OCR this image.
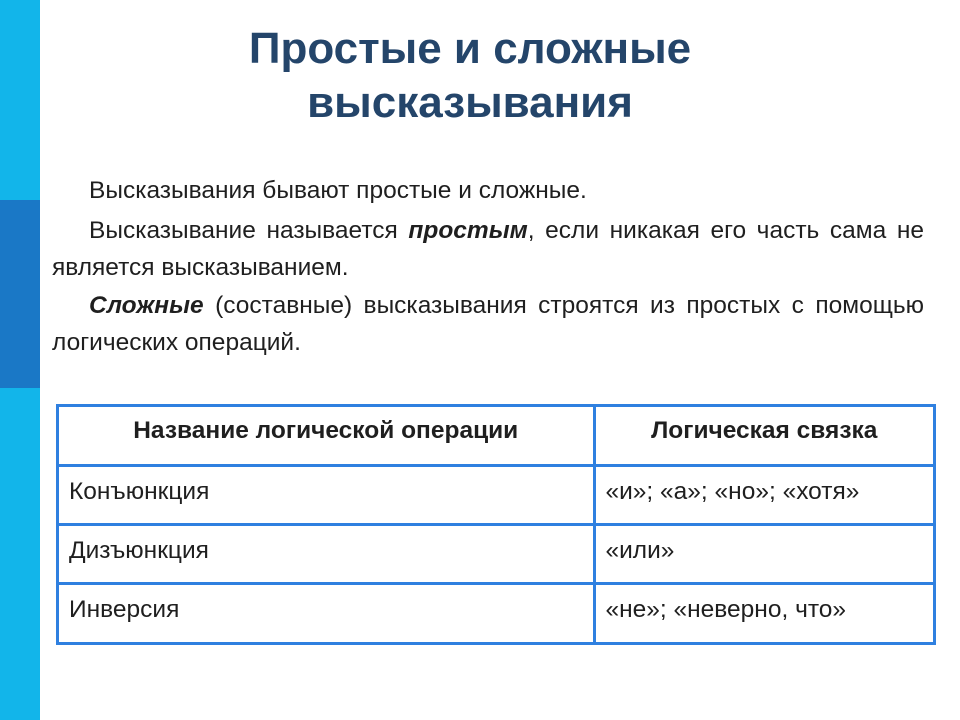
Простые и сложные
высказывания

Высказывания бывают простые и сложные.

Высказывание называется простым, если никакая его часть сама не является высказыванием.

Сложные (составные) высказывания строятся из простых с помощью логических операций.

Название логической операции	Логическая связка
Конъюнкция	«и»; «а»; «но»; «хотя»
Дизъюнкция	«или»
Инверсия	«не»; «неверно, что»
